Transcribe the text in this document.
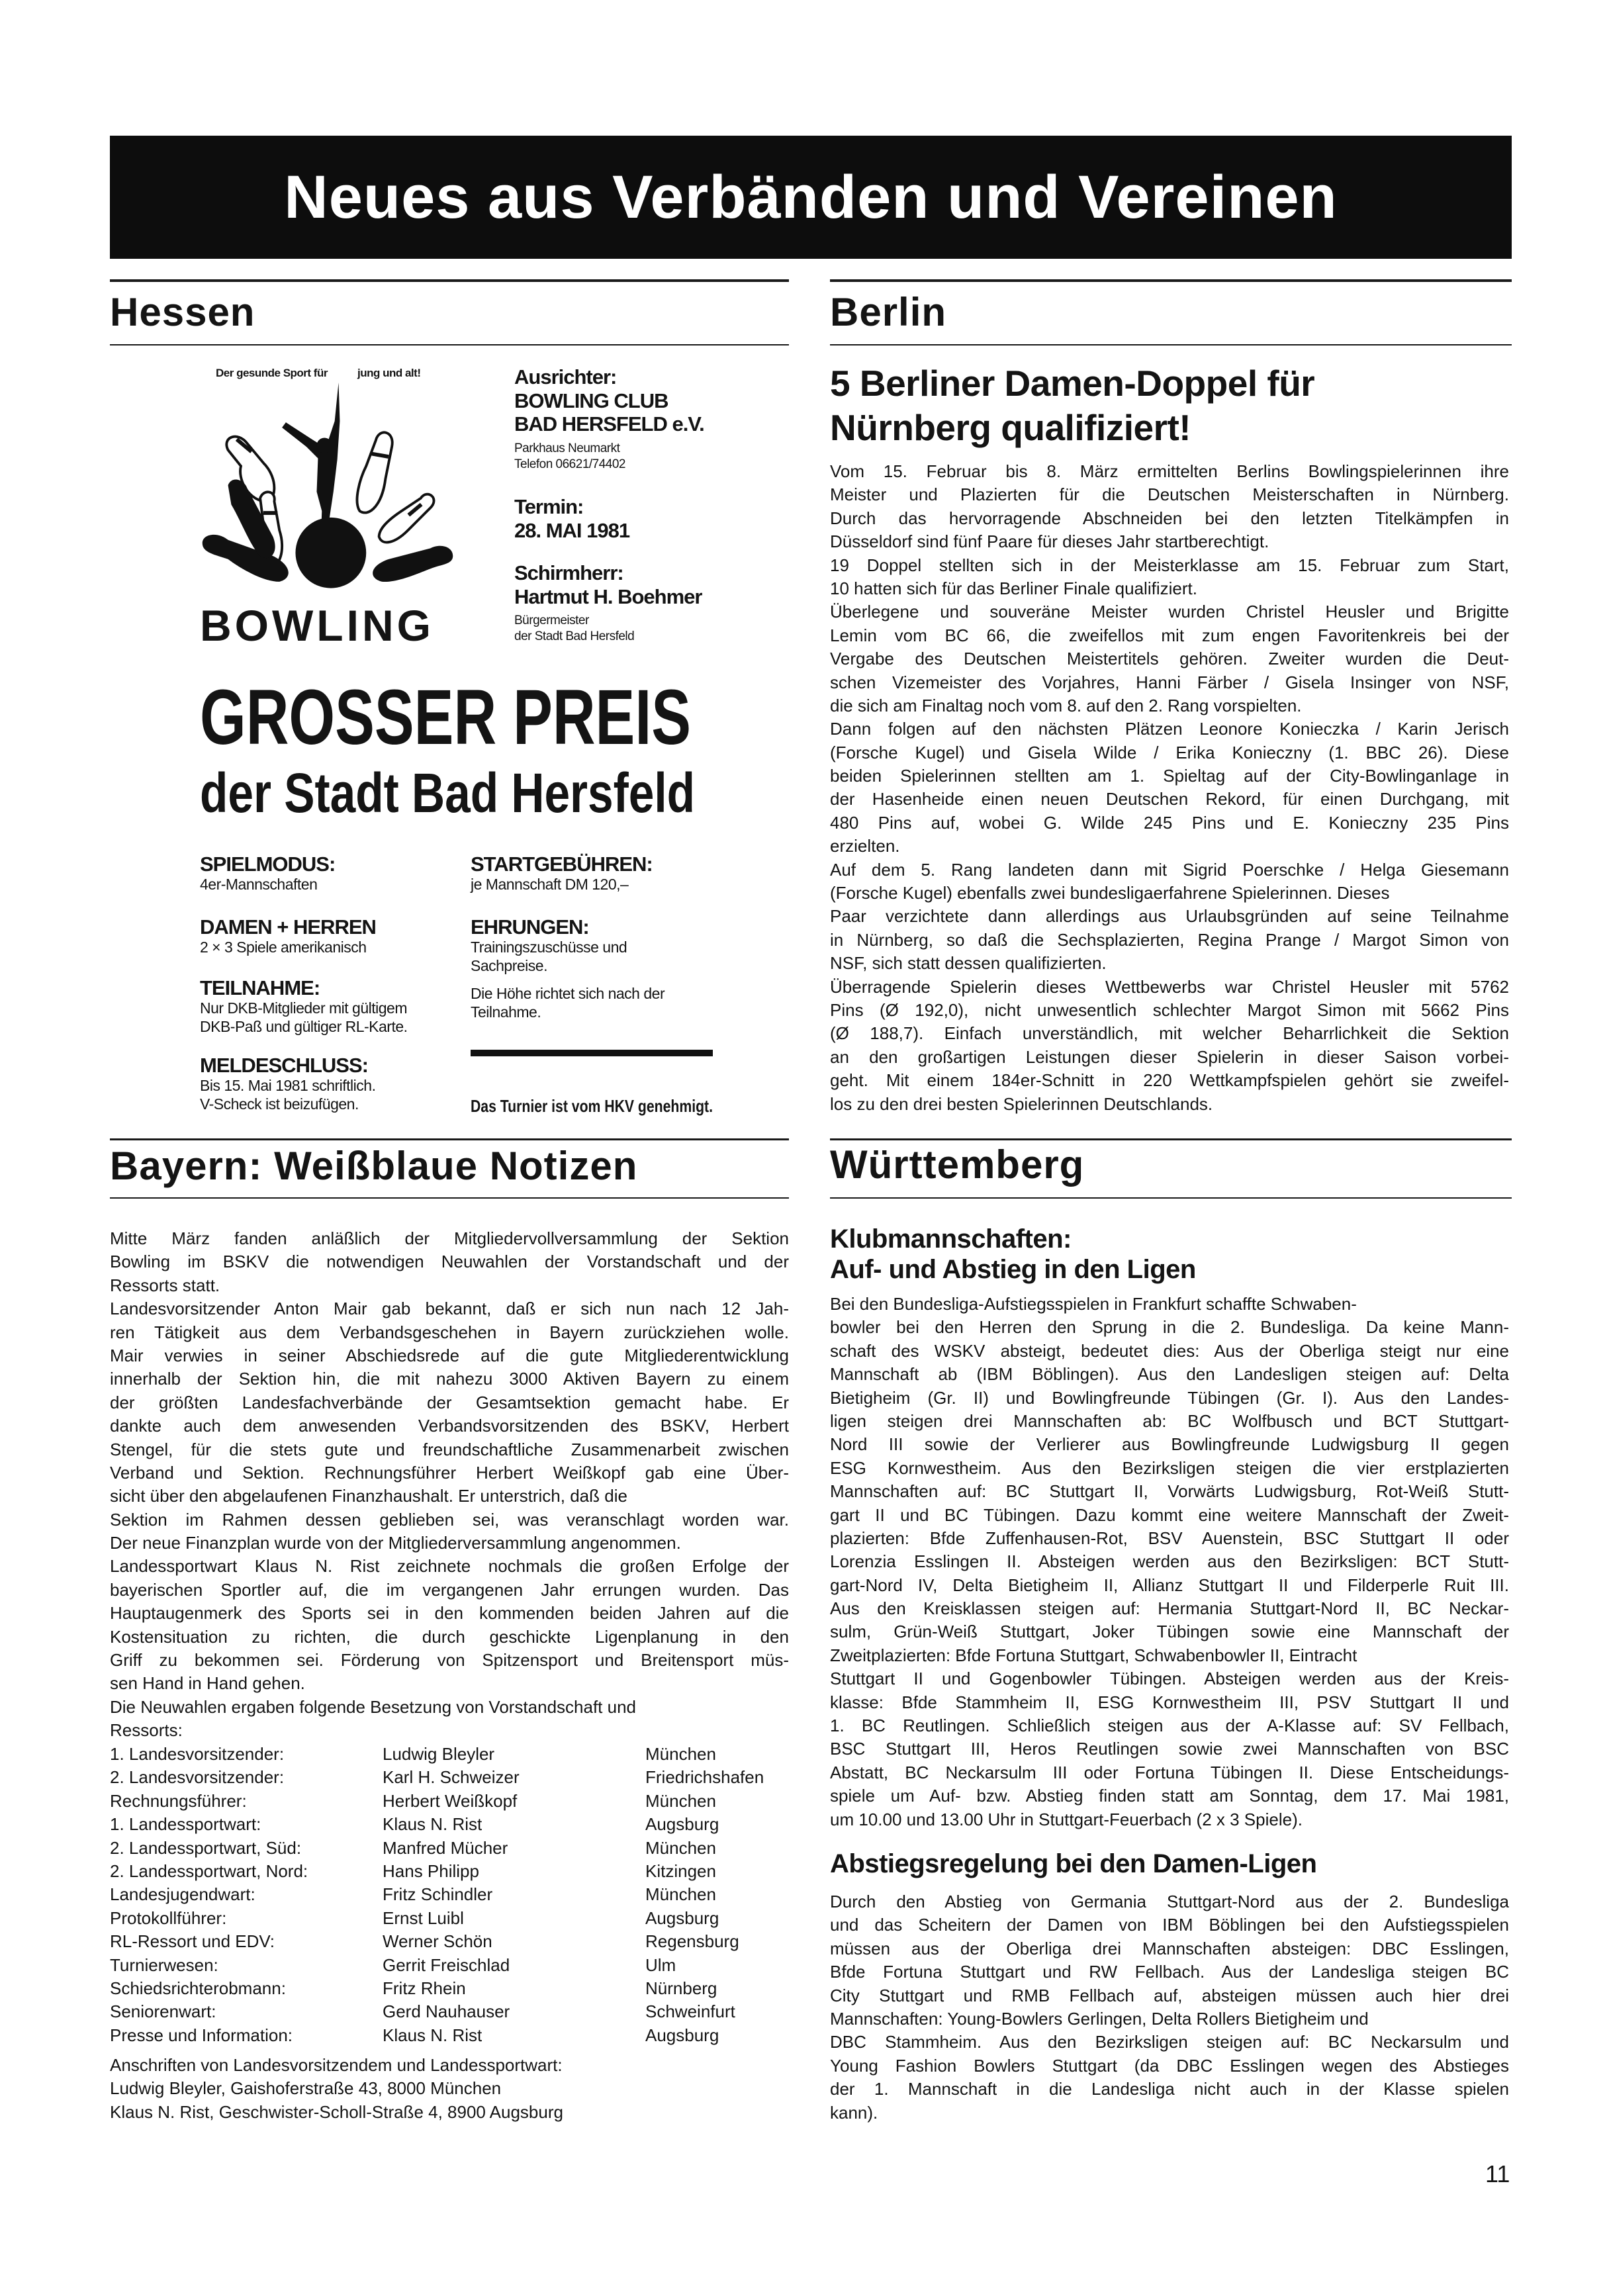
Neues aus Verbänden und Vereinen
Hessen	Berlin
Bayern: Weißblaue Notizen	Württemberg
Der gesunde Sport für	jung und alt!
BOWLING
Ausrichter:
BOWLING CLUB
BAD HERSFELD e.V.
Parkhaus Neumarkt
Telefon 06621/74402
Termin:
28. MAI 1981
Schirmherr:
Hartmut H. Boehmer
Bürgermeister
der Stadt Bad Hersfeld
GROSSER PREIS
der Stadt Bad Hersfeld
SPIELMODUS:
4er-Mannschaften
DAMEN + HERREN
2 × 3 Spiele amerikanisch
TEILNAHME:
Nur DKB-Mitglieder mit gültigem
DKB-Paß und gültiger RL-Karte.
MELDESCHLUSS:
Bis 15. Mai 1981 schriftlich.
V-Scheck ist beizufügen.
STARTGEBÜHREN:
je Mannschaft DM 120,–
EHRUNGEN:
Trainingszuschüsse und
Sachpreise.
Die Höhe richtet sich nach der
Teilnahme.
Das Turnier ist vom HKV genehmigt.
5 Berliner Damen-Doppel für
Nürnberg qualifiziert!
Vom 15. Februar bis 8. März ermittelten Berlins Bowlingspielerinnen ihre
Meister und Plazierten für die Deutschen Meisterschaften in Nürnberg.
Durch das hervorragende Abschneiden bei den letzten Titelkämpfen in
Düsseldorf sind fünf Paare für dieses Jahr startberechtigt.
19 Doppel stellten sich in der Meisterklasse am 15. Februar zum Start,
10 hatten sich für das Berliner Finale qualifiziert.
Überlegene und souveräne Meister wurden Christel Heusler und Brigitte
Lemin vom BC 66, die zweifellos mit zum engen Favoritenkreis bei der
Vergabe des Deutschen Meistertitels gehören. Zweiter wurden die Deut-
schen Vizemeister des Vorjahres, Hanni Färber / Gisela Insinger von NSF,
die sich am Finaltag noch vom 8. auf den 2. Rang vorspielten.
Dann folgen auf den nächsten Plätzen Leonore Konieczka / Karin Jerisch
(Forsche Kugel) und Gisela Wilde / Erika Konieczny (1. BBC 26). Diese
beiden Spielerinnen stellten am 1. Spieltag auf der City-Bowlinganlage in
der Hasenheide einen neuen Deutschen Rekord, für einen Durchgang, mit
480 Pins auf, wobei G. Wilde 245 Pins und E. Konieczny 235 Pins
erzielten.
Auf dem 5. Rang landeten dann mit Sigrid Poerschke / Helga Giesemann
(Forsche Kugel) ebenfalls zwei bundesligaerfahrene Spielerinnen. Dieses
Paar verzichtete dann allerdings aus Urlaubsgründen auf seine Teilnahme
in Nürnberg, so daß die Sechsplazierten, Regina Prange / Margot Simon von
NSF, sich statt dessen qualifizierten.
Überragende Spielerin dieses Wettbewerbs war Christel Heusler mit 5762
Pins (Ø 192,0), nicht unwesentlich schlechter Margot Simon mit 5662 Pins
(Ø 188,7). Einfach unverständlich, mit welcher Beharrlichkeit die Sektion
an den großartigen Leistungen dieser Spielerin in dieser Saison vorbei-
geht. Mit einem 184er-Schnitt in 220 Wettkampfspielen gehört sie zweifel-
los zu den drei besten Spielerinnen Deutschlands.
Mitte März fanden anläßlich der Mitgliedervollversammlung der Sektion
Bowling im BSKV die notwendigen Neuwahlen der Vorstandschaft und der
Ressorts statt.
Landesvorsitzender Anton Mair gab bekannt, daß er sich nun nach 12 Jah-
ren Tätigkeit aus dem Verbandsgeschehen in Bayern zurückziehen wolle.
Mair verwies in seiner Abschiedsrede auf die gute Mitgliederentwicklung
innerhalb der Sektion hin, die mit nahezu 3000 Aktiven Bayern zu einem
der größten Landesfachverbände der Gesamtsektion gemacht habe. Er
dankte auch dem anwesenden Verbandsvorsitzenden des BSKV, Herbert
Stengel, für die stets gute und freundschaftliche Zusammenarbeit zwischen
Verband und Sektion. Rechnungsführer Herbert Weißkopf gab eine Über-
sicht über den abgelaufenen Finanzhaushalt. Er unterstrich, daß die
Sektion im Rahmen dessen geblieben sei, was veranschlagt worden war.
Der neue Finanzplan wurde von der Mitgliederversammlung angenommen.
Landessportwart Klaus N. Rist zeichnete nochmals die großen Erfolge der
bayerischen Sportler auf, die im vergangenen Jahr errungen wurden. Das
Hauptaugenmerk des Sports sei in den kommenden beiden Jahren auf die
Kostensituation zu richten, die durch geschickte Ligenplanung in den
Griff zu bekommen sei. Förderung von Spitzensport und Breitensport müs-
sen Hand in Hand gehen.
Die Neuwahlen ergaben folgende Besetzung von Vorstandschaft und
Ressorts:
1. Landesvorsitzender:	Ludwig Bleyler	München
2. Landesvorsitzender:	Karl H. Schweizer	Friedrichshafen
Rechnungsführer:	Herbert Weißkopf	München
1. Landessportwart:	Klaus N. Rist	Augsburg
2. Landessportwart, Süd:	Manfred Mücher	München
2. Landessportwart, Nord:	Hans Philipp	Kitzingen
Landesjugendwart:	Fritz Schindler	München
Protokollführer:	Ernst Luibl	Augsburg
RL-Ressort und EDV:	Werner Schön	Regensburg
Turnierwesen:	Gerrit Freischlad	Ulm
Schiedsrichterobmann:	Fritz Rhein	Nürnberg
Seniorenwart:	Gerd Nauhauser	Schweinfurt
Presse und Information:	Klaus N. Rist	Augsburg
Anschriften von Landesvorsitzendem und Landessportwart:
Ludwig Bleyler, Gaishoferstraße 43, 8000 München
Klaus N. Rist, Geschwister-Scholl-Straße 4, 8900 Augsburg
Klubmannschaften:
Auf- und Abstieg in den Ligen
Bei den Bundesliga-Aufstiegsspielen in Frankfurt schaffte Schwaben-
bowler bei den Herren den Sprung in die 2. Bundesliga. Da keine Mann-
schaft des WSKV absteigt, bedeutet dies: Aus der Oberliga steigt nur eine
Mannschaft ab (IBM Böblingen). Aus den Landesligen steigen auf: Delta
Bietigheim (Gr. II) und Bowlingfreunde Tübingen (Gr. I). Aus den Landes-
ligen steigen drei Mannschaften ab: BC Wolfbusch und BCT Stuttgart-
Nord III sowie der Verlierer aus Bowlingfreunde Ludwigsburg II gegen
ESG Kornwestheim. Aus den Bezirksligen steigen die vier erstplazierten
Mannschaften auf: BC Stuttgart II, Vorwärts Ludwigsburg, Rot-Weiß Stutt-
gart II und BC Tübingen. Dazu kommt eine weitere Mannschaft der Zweit-
plazierten: Bfde Zuffenhausen-Rot, BSV Auenstein, BSC Stuttgart II oder
Lorenzia Esslingen II. Absteigen werden aus den Bezirksligen: BCT Stutt-
gart-Nord IV, Delta Bietigheim II, Allianz Stuttgart II und Filderperle Ruit III.
Aus den Kreisklassen steigen auf: Hermania Stuttgart-Nord II, BC Neckar-
sulm, Grün-Weiß Stuttgart, Joker Tübingen sowie eine Mannschaft der
Zweitplazierten: Bfde Fortuna Stuttgart, Schwabenbowler II, Eintracht
Stuttgart II und Gogenbowler Tübingen. Absteigen werden aus der Kreis-
klasse: Bfde Stammheim II, ESG Kornwestheim III, PSV Stuttgart II und
1. BC Reutlingen. Schließlich steigen aus der A-Klasse auf: SV Fellbach,
BSC Stuttgart III, Heros Reutlingen sowie zwei Mannschaften von BSC
Abstatt, BC Neckarsulm III oder Fortuna Tübingen II. Diese Entscheidungs-
spiele um Auf- bzw. Abstieg finden statt am Sonntag, dem 17. Mai 1981,
um 10.00 und 13.00 Uhr in Stuttgart-Feuerbach (2 x 3 Spiele).
Abstiegsregelung bei den Damen-Ligen
Durch den Abstieg von Germania Stuttgart-Nord aus der 2. Bundesliga
und das Scheitern der Damen von IBM Böblingen bei den Aufstiegsspielen
müssen aus der Oberliga drei Mannschaften absteigen: DBC Esslingen,
Bfde Fortuna Stuttgart und RW Fellbach. Aus der Landesliga steigen BC
City Stuttgart und RMB Fellbach auf, absteigen müssen auch hier drei
Mannschaften: Young-Bowlers Gerlingen, Delta Rollers Bietigheim und
DBC Stammheim. Aus den Bezirksligen steigen auf: BC Neckarsulm und
Young Fashion Bowlers Stuttgart (da DBC Esslingen wegen des Abstieges
der 1. Mannschaft in die Landesliga nicht auch in der Klasse spielen
kann).
11
